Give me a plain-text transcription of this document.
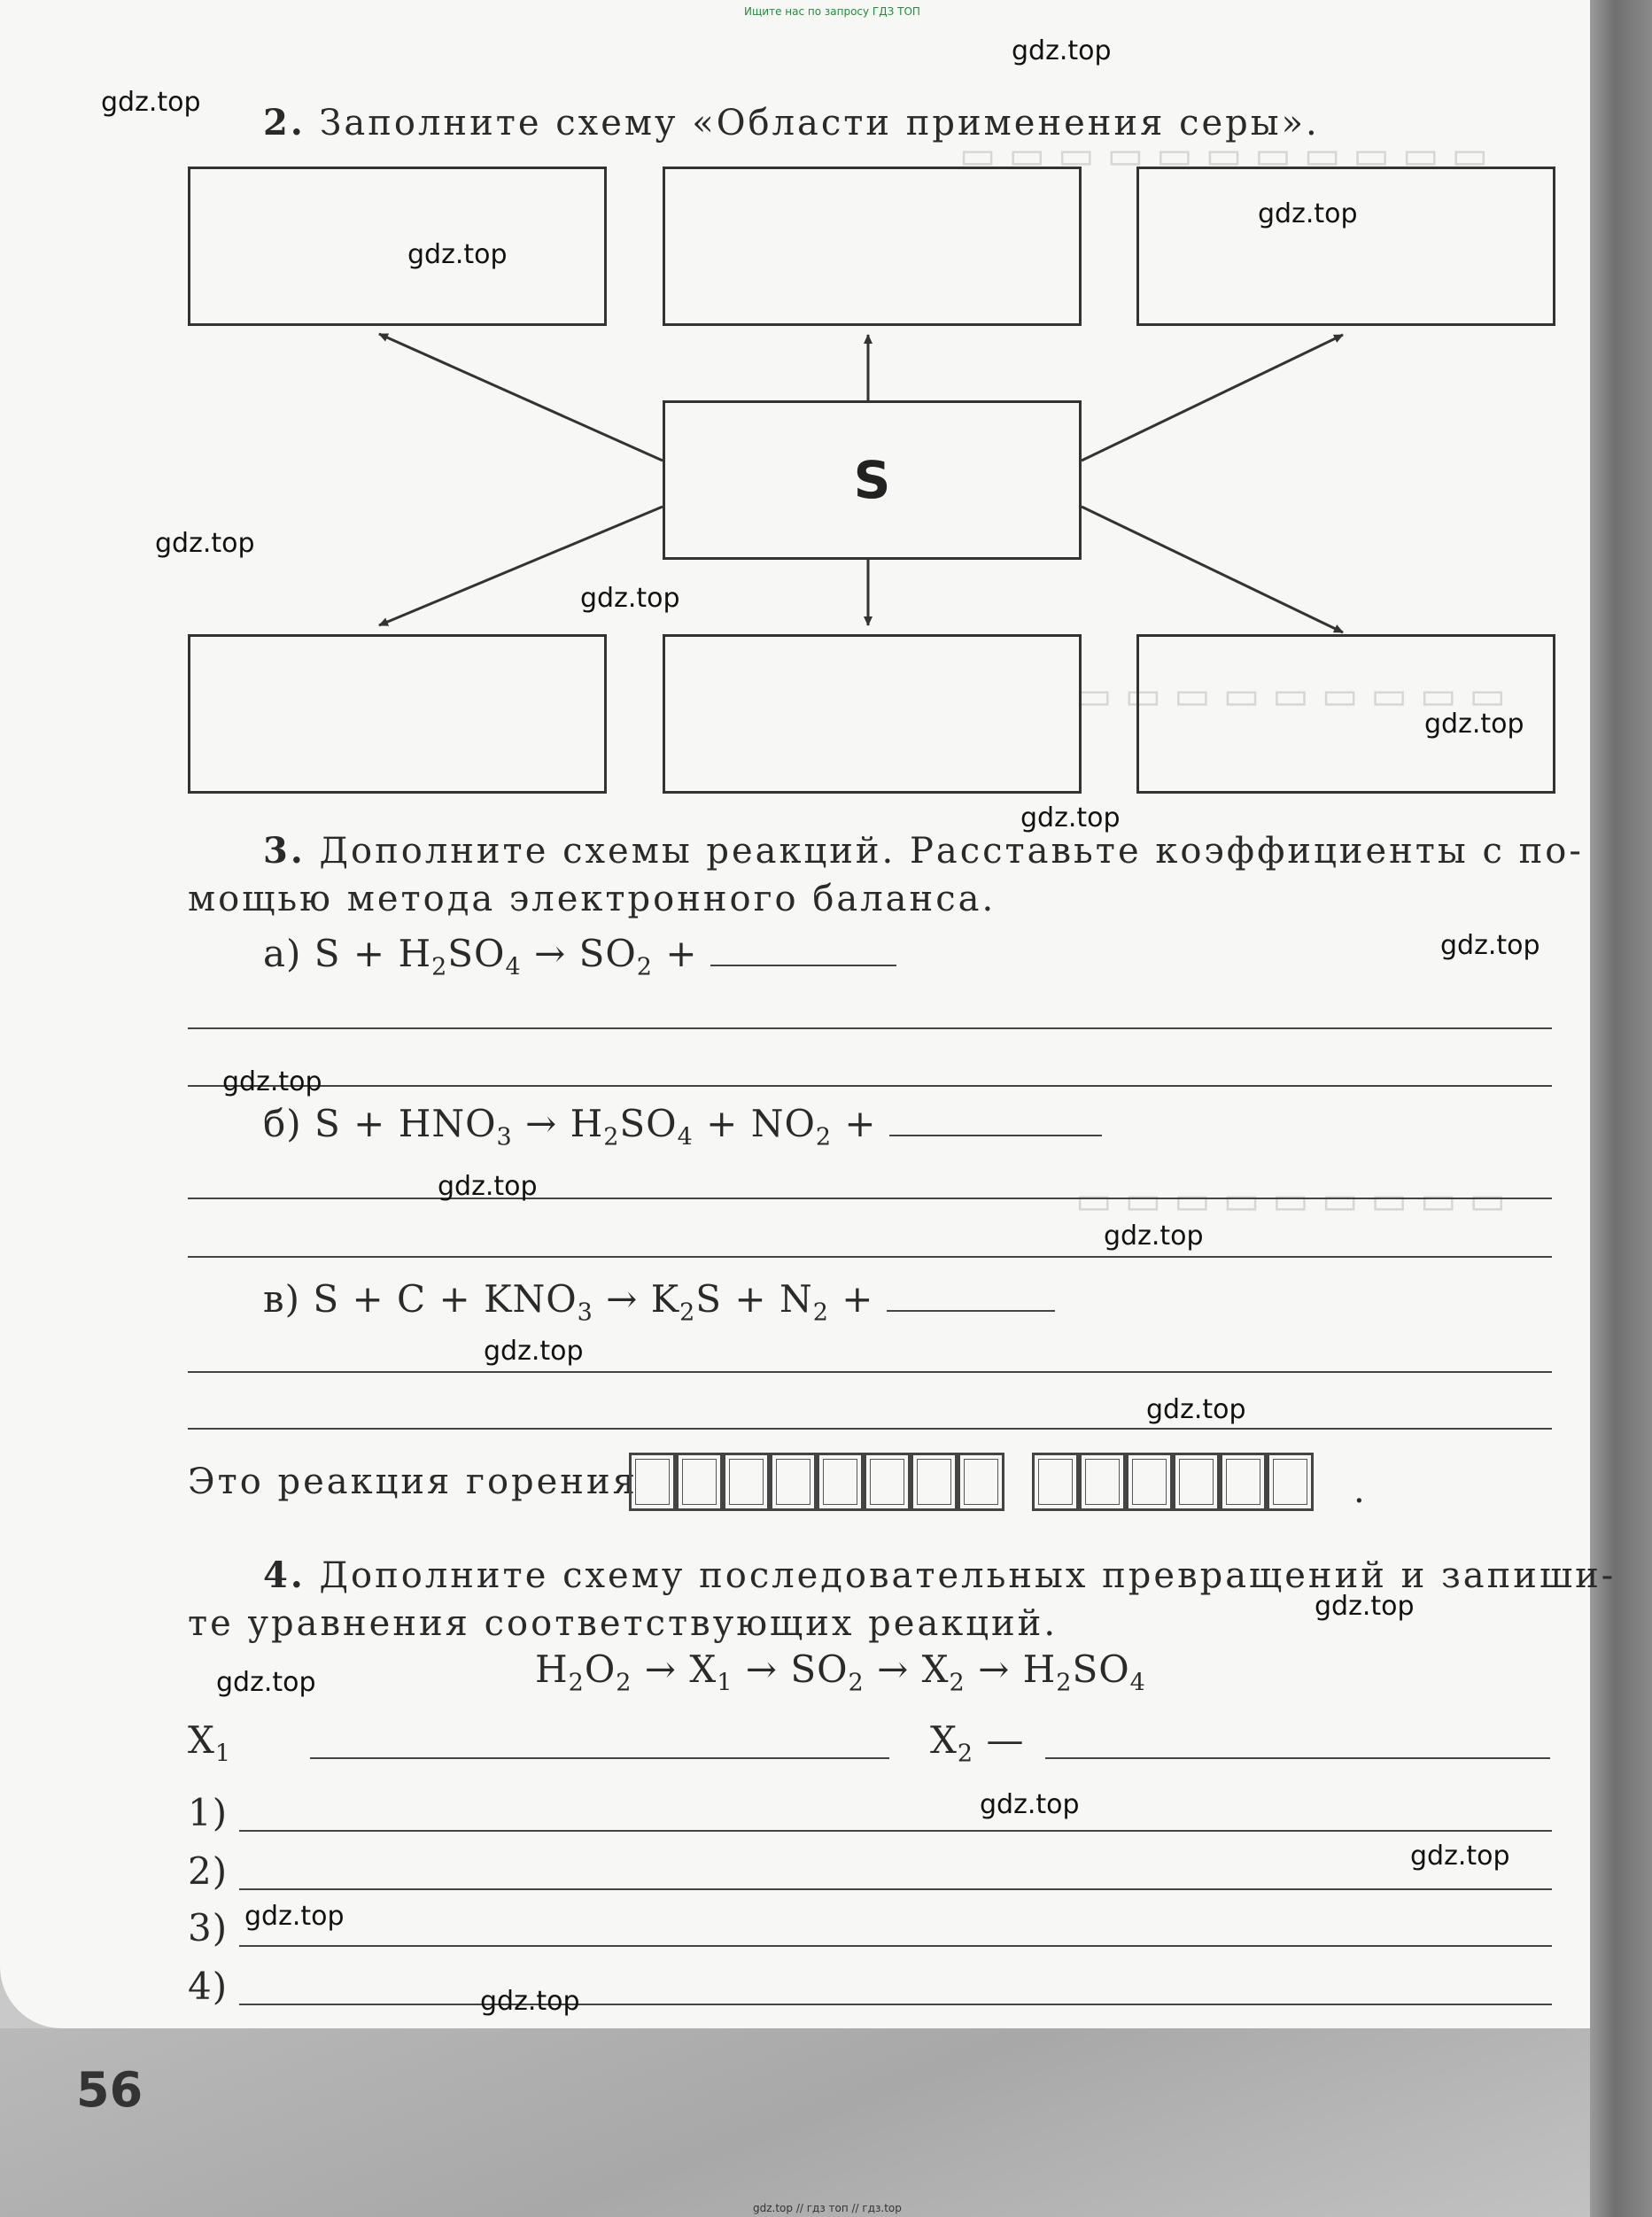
▭ ▭ ▭ ▭ ▭ ▭ ▭ ▭ ▭ ▭ ▭
▭ ▭ ▭ ▭ ▭ ▭ ▭ ▭ ▭
▭ ▭ ▭ ▭ ▭ ▭ ▭ ▭ ▭
Ищите нас по запросу ГДЗ ТОП
gdz.top // гдз топ // гдз.top
2. Заполните схему «Области применения серы».
S
3. Дополните схемы реакций. Расставьте коэффициенты с по-
мощью метода электронного баланса.
а) $S + H_2SO_4 \to SO_2$ +
б) $S + HNO_3 \to H_2SO_4 + NO_2$ +
в) $S + C + KNO_3 \to K_2S + N_2$ +
Это реакция горения	.
4. Дополните схему последовательных превращений и запиши-
те уравнения соответствующих реакций.
$H_2O_2 \to X_1 \to SO_2 \to X_2 \to H_2SO_4$
$X_1$	$X_2$ —
1)
2)
3)
4)
56
gdz.top
gdz.top
gdz.top
gdz.top
gdz.top
gdz.top
gdz.top
gdz.top
gdz.top
gdz.top
gdz.top
gdz.top
gdz.top
gdz.top
gdz.top
gdz.top
gdz.top
gdz.top
gdz.top
gdz.top
